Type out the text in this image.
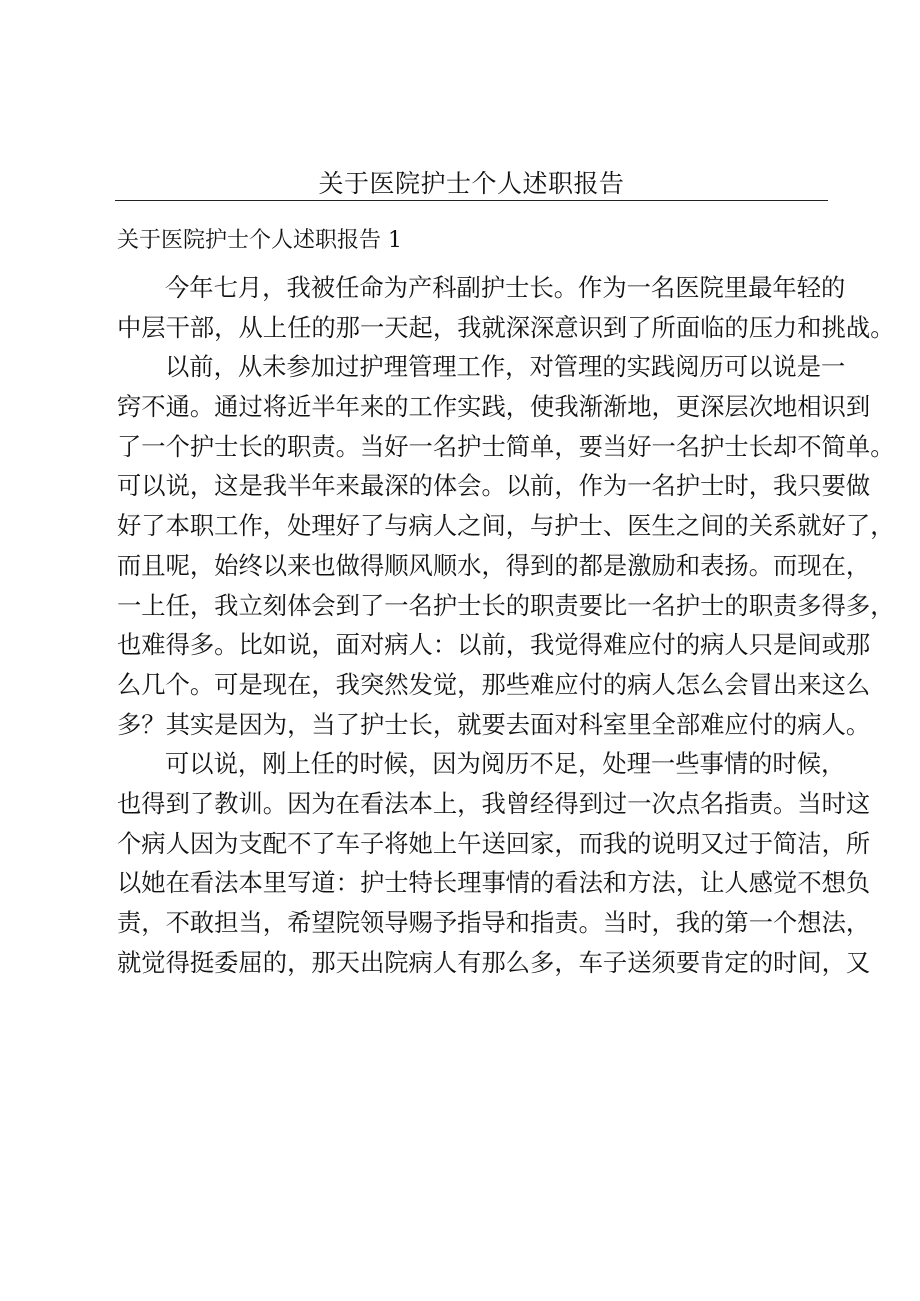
关于医院护士个人述职报告
关于医院护士个人述职报告 1
今年七月，我被任命为产科副护士长。作为一名医院里最年轻的
中层干部，从上任的那一天起，我就深深意识到了所面临的压力和挑战。
以前，从未参加过护理管理工作，对管理的实践阅历可以说是一
窍不通。通过将近半年来的工作实践，使我渐渐地，更深层次地相识到
了一个护士长的职责。当好一名护士简单，要当好一名护士长却不简单。
可以说，这是我半年来最深的体会。以前，作为一名护士时，我只要做
好了本职工作，处理好了与病人之间，与护士、医生之间的关系就好了，
而且呢，始终以来也做得顺风顺水，得到的都是激励和表扬。而现在，
一上任，我立刻体会到了一名护士长的职责要比一名护士的职责多得多，
也难得多。比如说，面对病人：以前，我觉得难应付的病人只是间或那
么几个。可是现在，我突然发觉，那些难应付的病人怎么会冒出来这么
多？其实是因为，当了护士长，就要去面对科室里全部难应付的病人。
可以说，刚上任的时候，因为阅历不足，处理一些事情的时候，
也得到了教训。因为在看法本上，我曾经得到过一次点名指责。当时这
个病人因为支配不了车子将她上午送回家，而我的说明又过于简洁，所
以她在看法本里写道：护士特长理事情的看法和方法，让人感觉不想负
责，不敢担当，希望院领导赐予指导和指责。当时，我的第一个想法，
就觉得挺委屈的，那天出院病人有那么多，车子送须要肯定的时间，又
